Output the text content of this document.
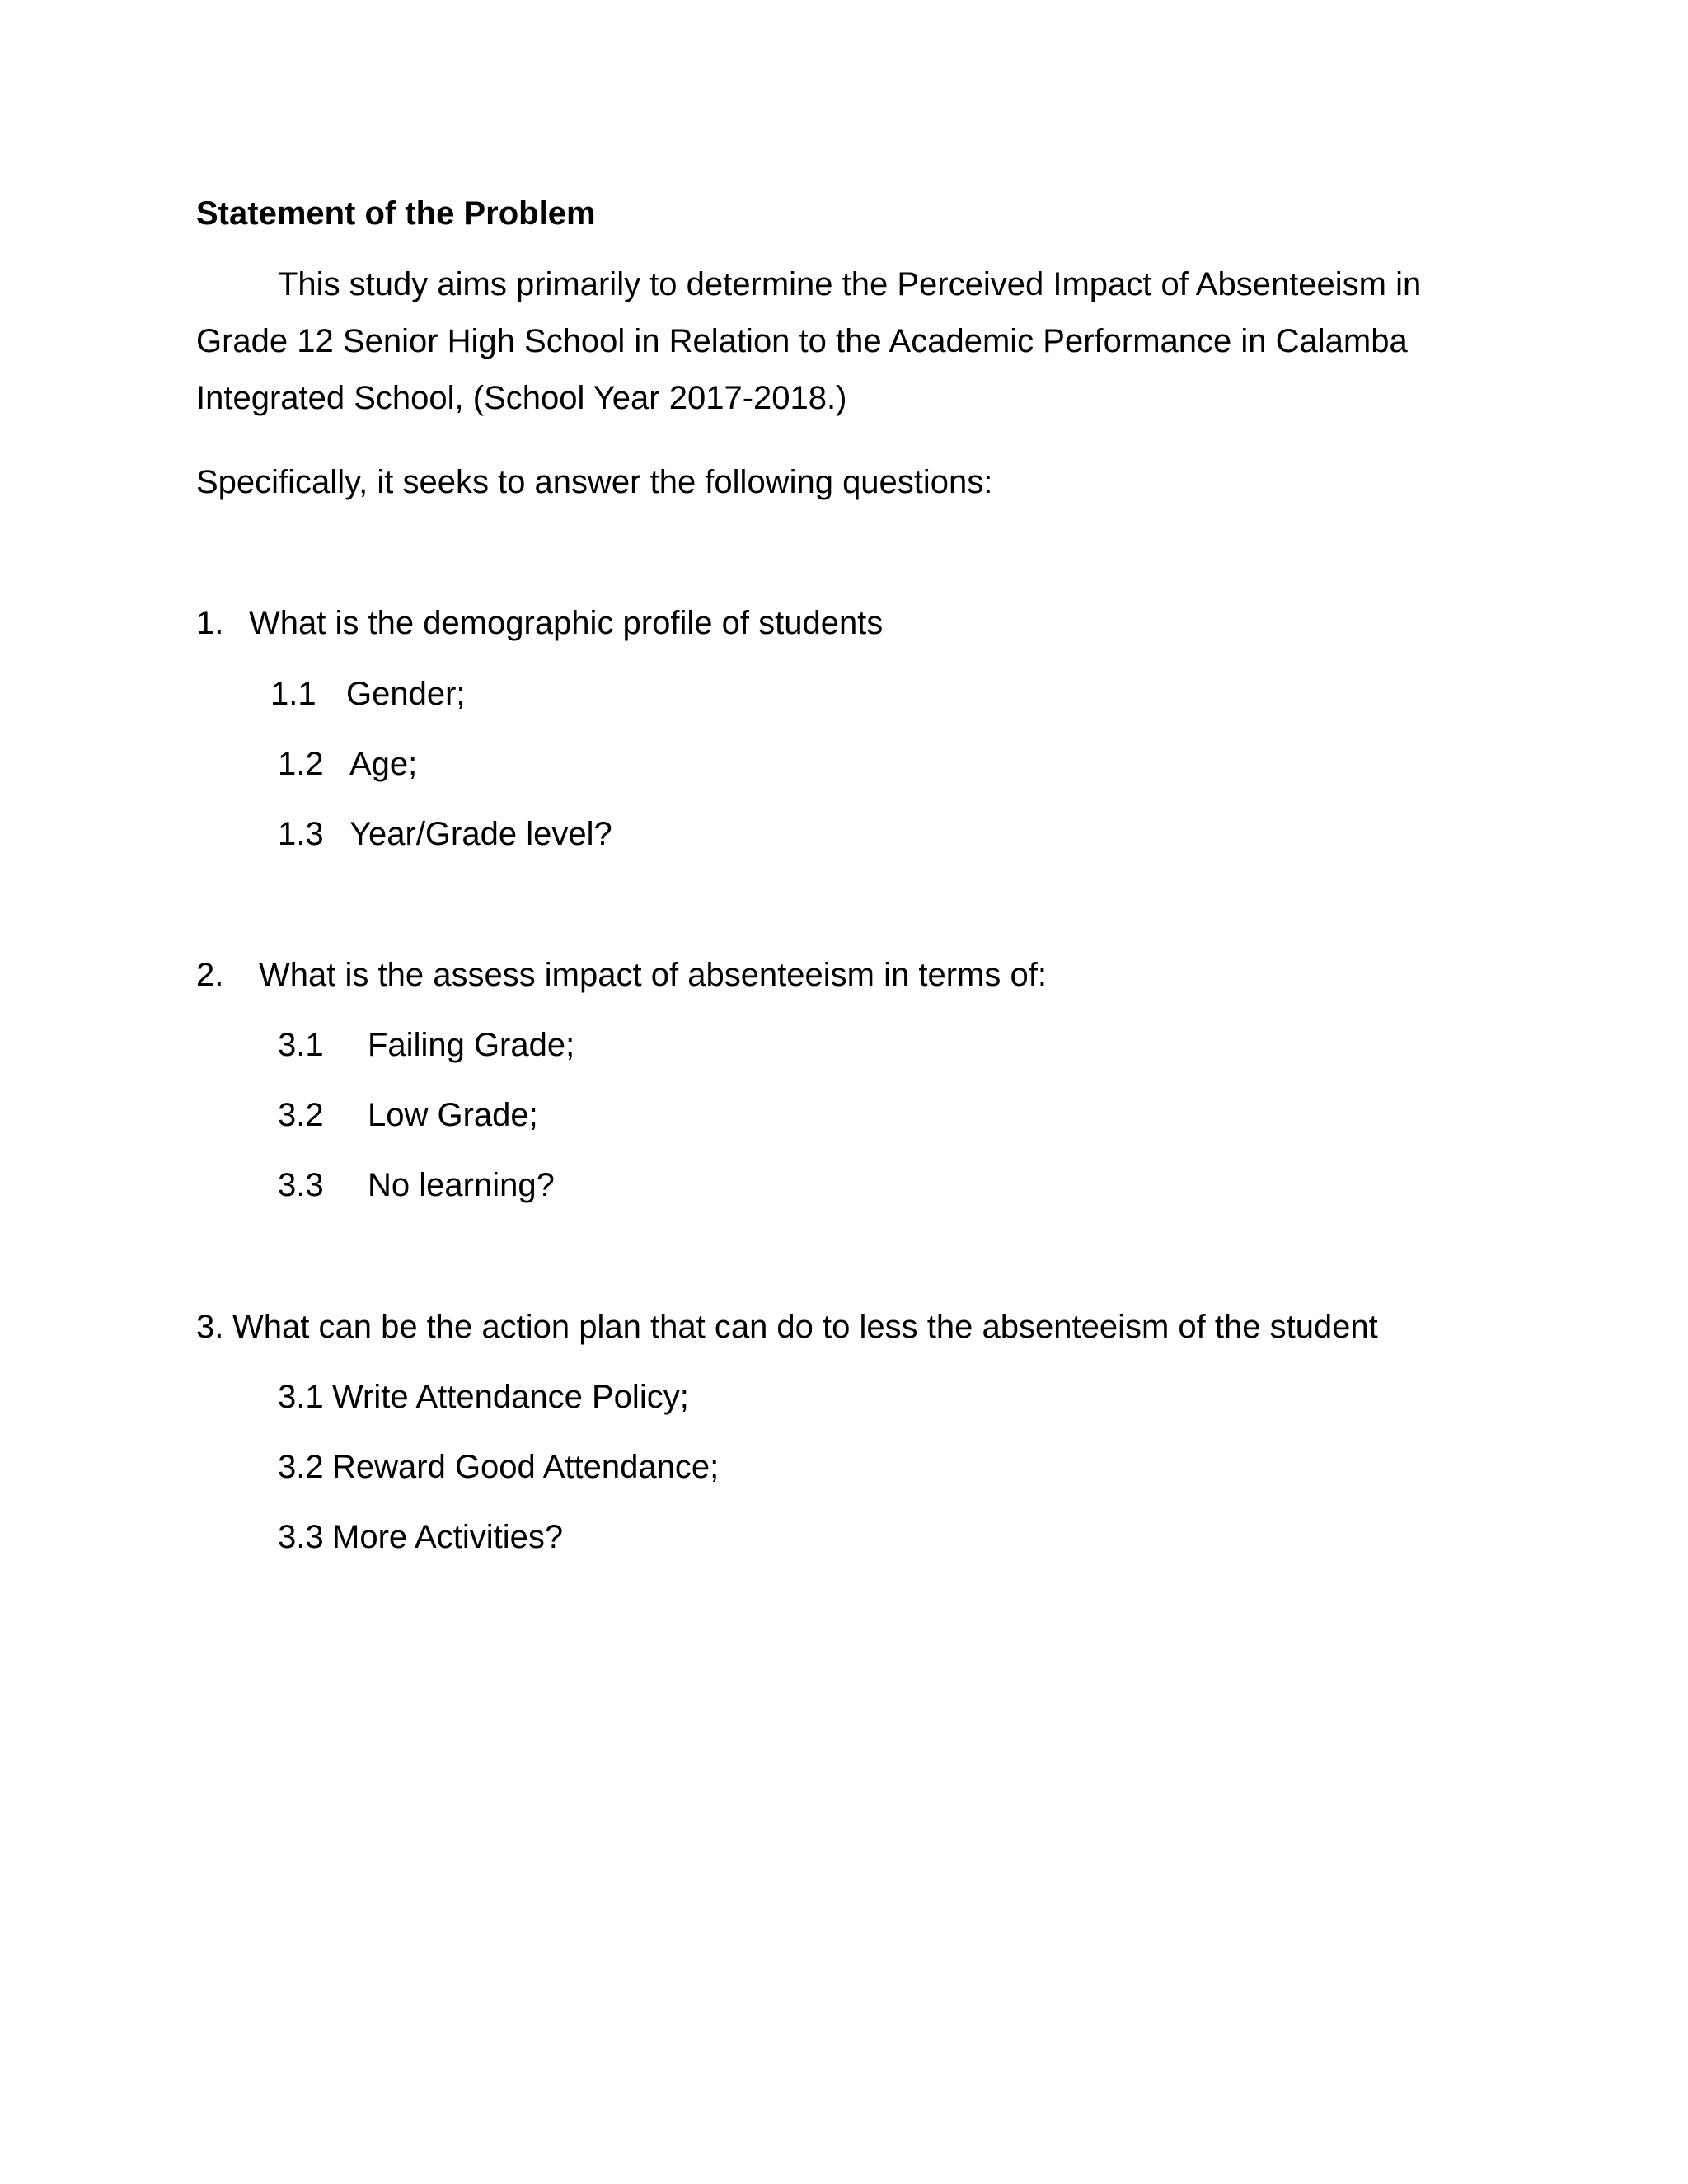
Statement of the Problem
This study aims primarily to determine the Perceived Impact of Absenteeism in
Grade 12 Senior High School in Relation to the Academic Performance in Calamba
Integrated School, (School Year 2017-2018.)
Specifically, it seeks to answer the following questions:
1. What is the demographic profile of students
1.1 Gender;
1.2 Age;
1.3 Year/Grade level?
2. What is the assess impact of absenteeism in terms of:
3.1 Failing Grade;
3.2 Low Grade;
3.3 No learning?
3. What can be the action plan that can do to less the absenteeism of the student
3.1 Write Attendance Policy;
3.2 Reward Good Attendance;
3.3 More Activities?
